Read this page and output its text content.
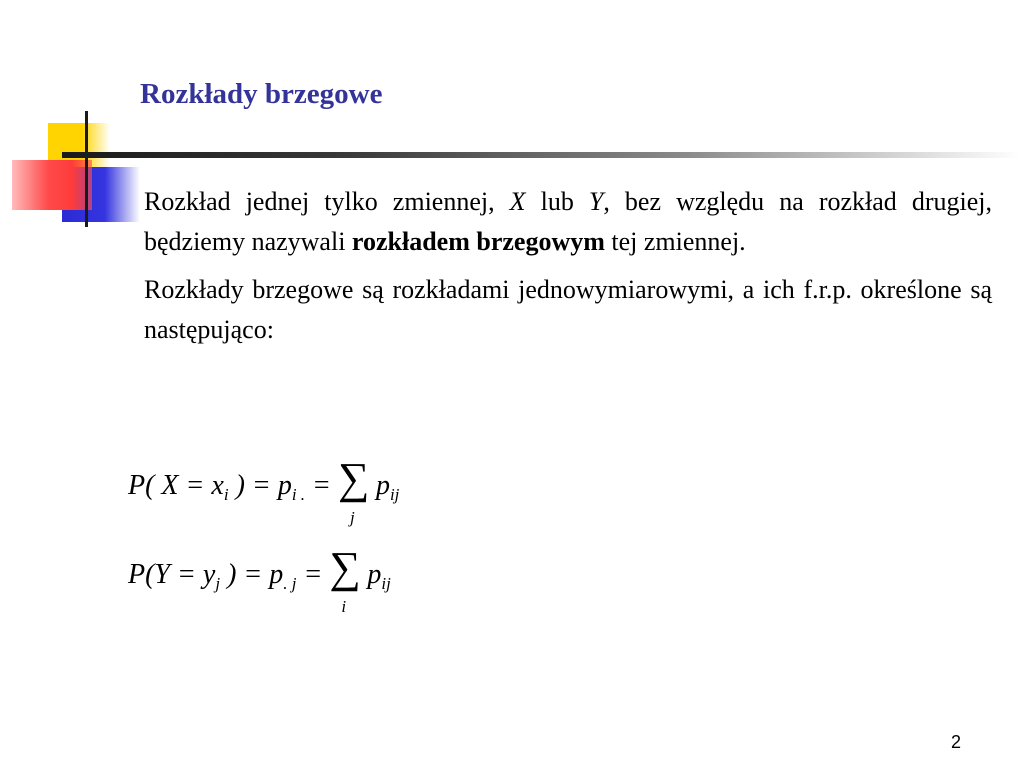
Rozkłady brzegowe

Rozkład jednej tylko zmiennej, X lub Y, bez względu na rozkład drugiej, będziemy nazywali rozkładem brzegowym tej zmiennej.

Rozkłady brzegowe są rozkładami jednowymiarowymi, a ich f.r.p. określone są następująco:

P( $X = x_i$ ) = $p_{i .}$ = ∑
j
$p_{ij}$
$P(Y = y_j$ ) = $p_{. j}$ = ∑
i
$p_{ij}$
2
